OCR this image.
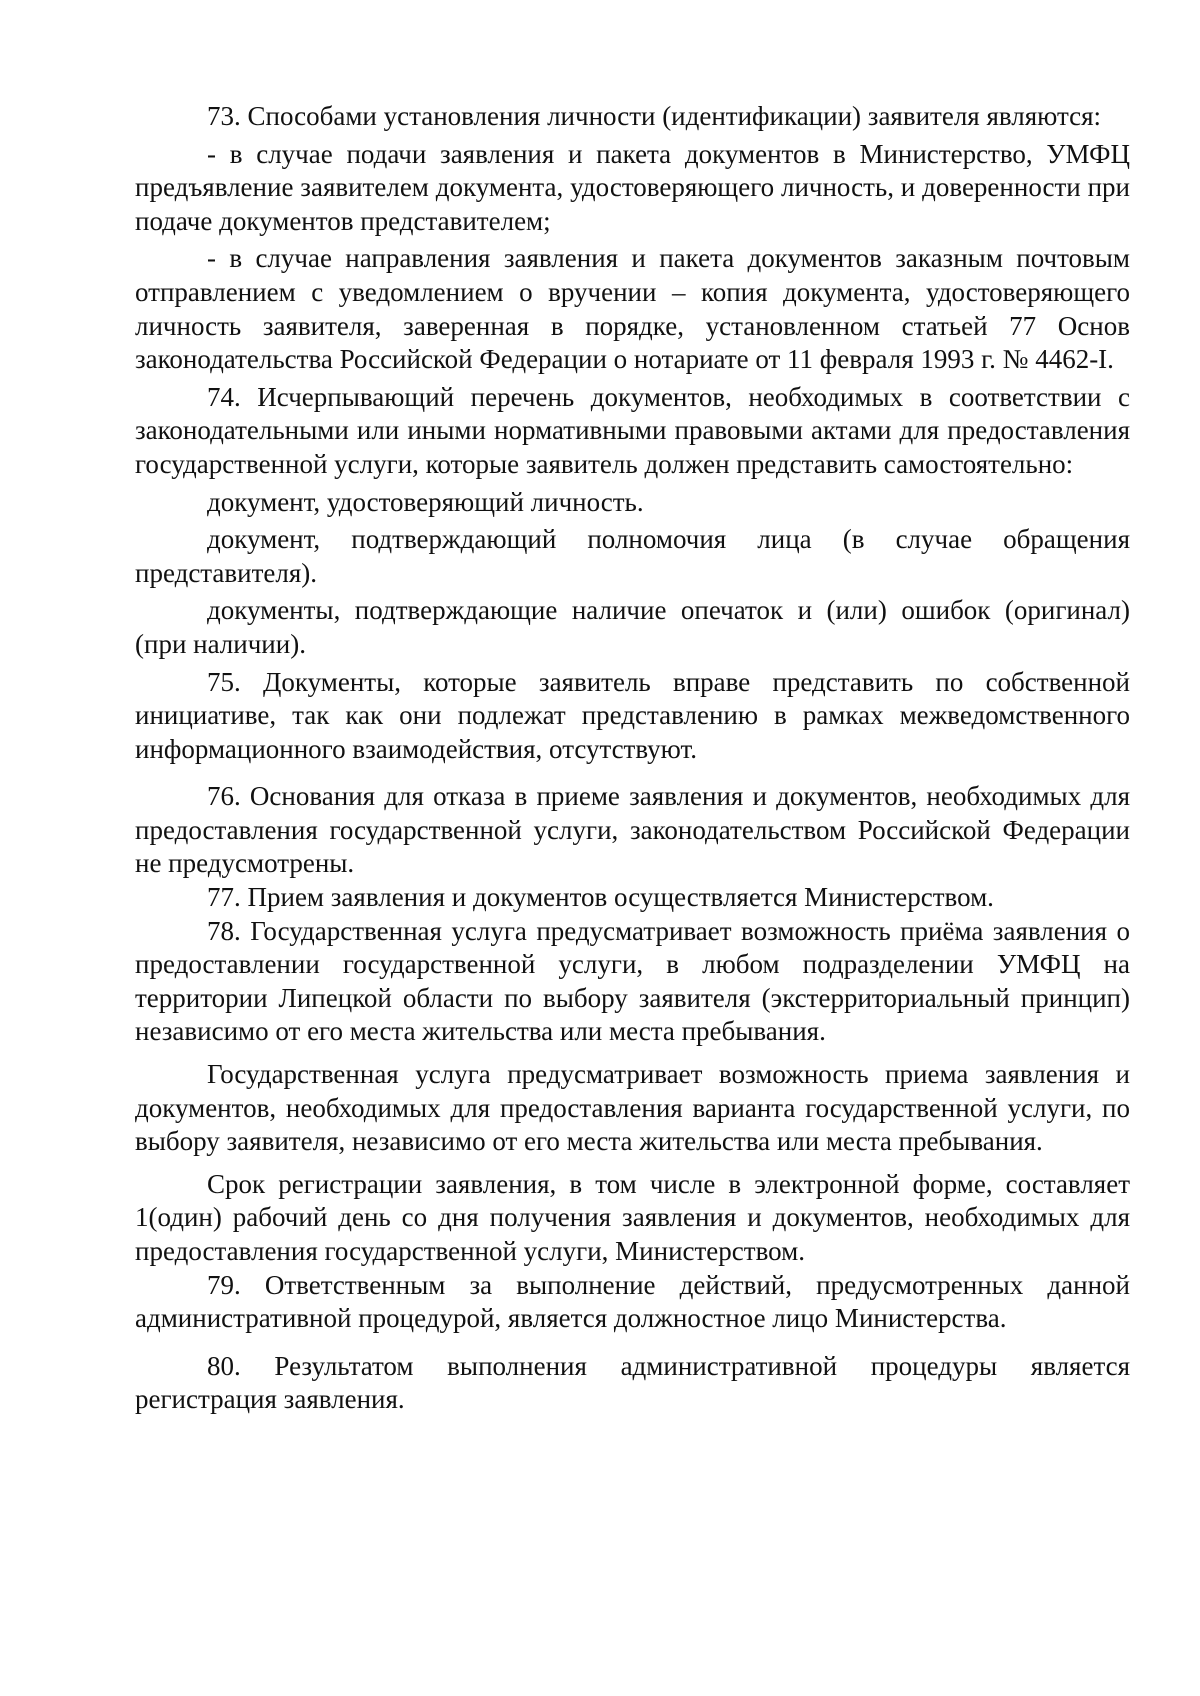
73. Способами установления личности (идентификации) заявителя являются:

- в случае подачи заявления и пакета документов в Министерство, УМФЦ предъявление заявителем документа, удостоверяющего личность, и доверенности при подаче документов представителем;

- в случае направления заявления и пакета документов заказным почтовым отправлением с уведомлением о вручении – копия документа, удостоверяющего личность заявителя, заверенная в порядке, установленном статьей 77 Основ законодательства Российской Федерации о нотариате от 11 февраля 1993 г. № 4462-I.

74. Исчерпывающий перечень документов, необходимых в соответствии с законодательными или иными нормативными правовыми актами для предоставления государственной услуги, которые заявитель должен представить самостоятельно:

документ, удостоверяющий личность.

документ, подтверждающий полномочия лица (в случае обращения представителя).

документы, подтверждающие наличие опечаток и (или) ошибок (оригинал) (при наличии).

75. Документы, которые заявитель вправе представить по собственной инициативе, так как они подлежат представлению в рамках межведомственного информационного взаимодействия, отсутствуют.

76. Основания для отказа в приеме заявления и документов, необходимых для предоставления государственной услуги, законодательством Российской Федерации не предусмотрены.

77. Прием заявления и документов осуществляется Министерством.

78. Государственная услуга предусматривает возможность приёма заявления о предоставлении государственной услуги, в любом подразделении УМФЦ на территории Липецкой области по выбору заявителя (экстерриториальный принцип) независимо от его места жительства или места пребывания.

Государственная услуга предусматривает возможность приема заявления и документов, необходимых для предоставления варианта государственной услуги, по выбору заявителя, независимо от его места жительства или места пребывания.

Срок регистрации заявления, в том числе в электронной форме, составляет 1(один) рабочий день со дня получения заявления и документов, необходимых для предоставления государственной услуги, Министерством.

79. Ответственным за выполнение действий, предусмотренных данной административной процедурой, является должностное лицо Министерства.

80. Результатом выполнения административной процедуры является регистрация заявления.
